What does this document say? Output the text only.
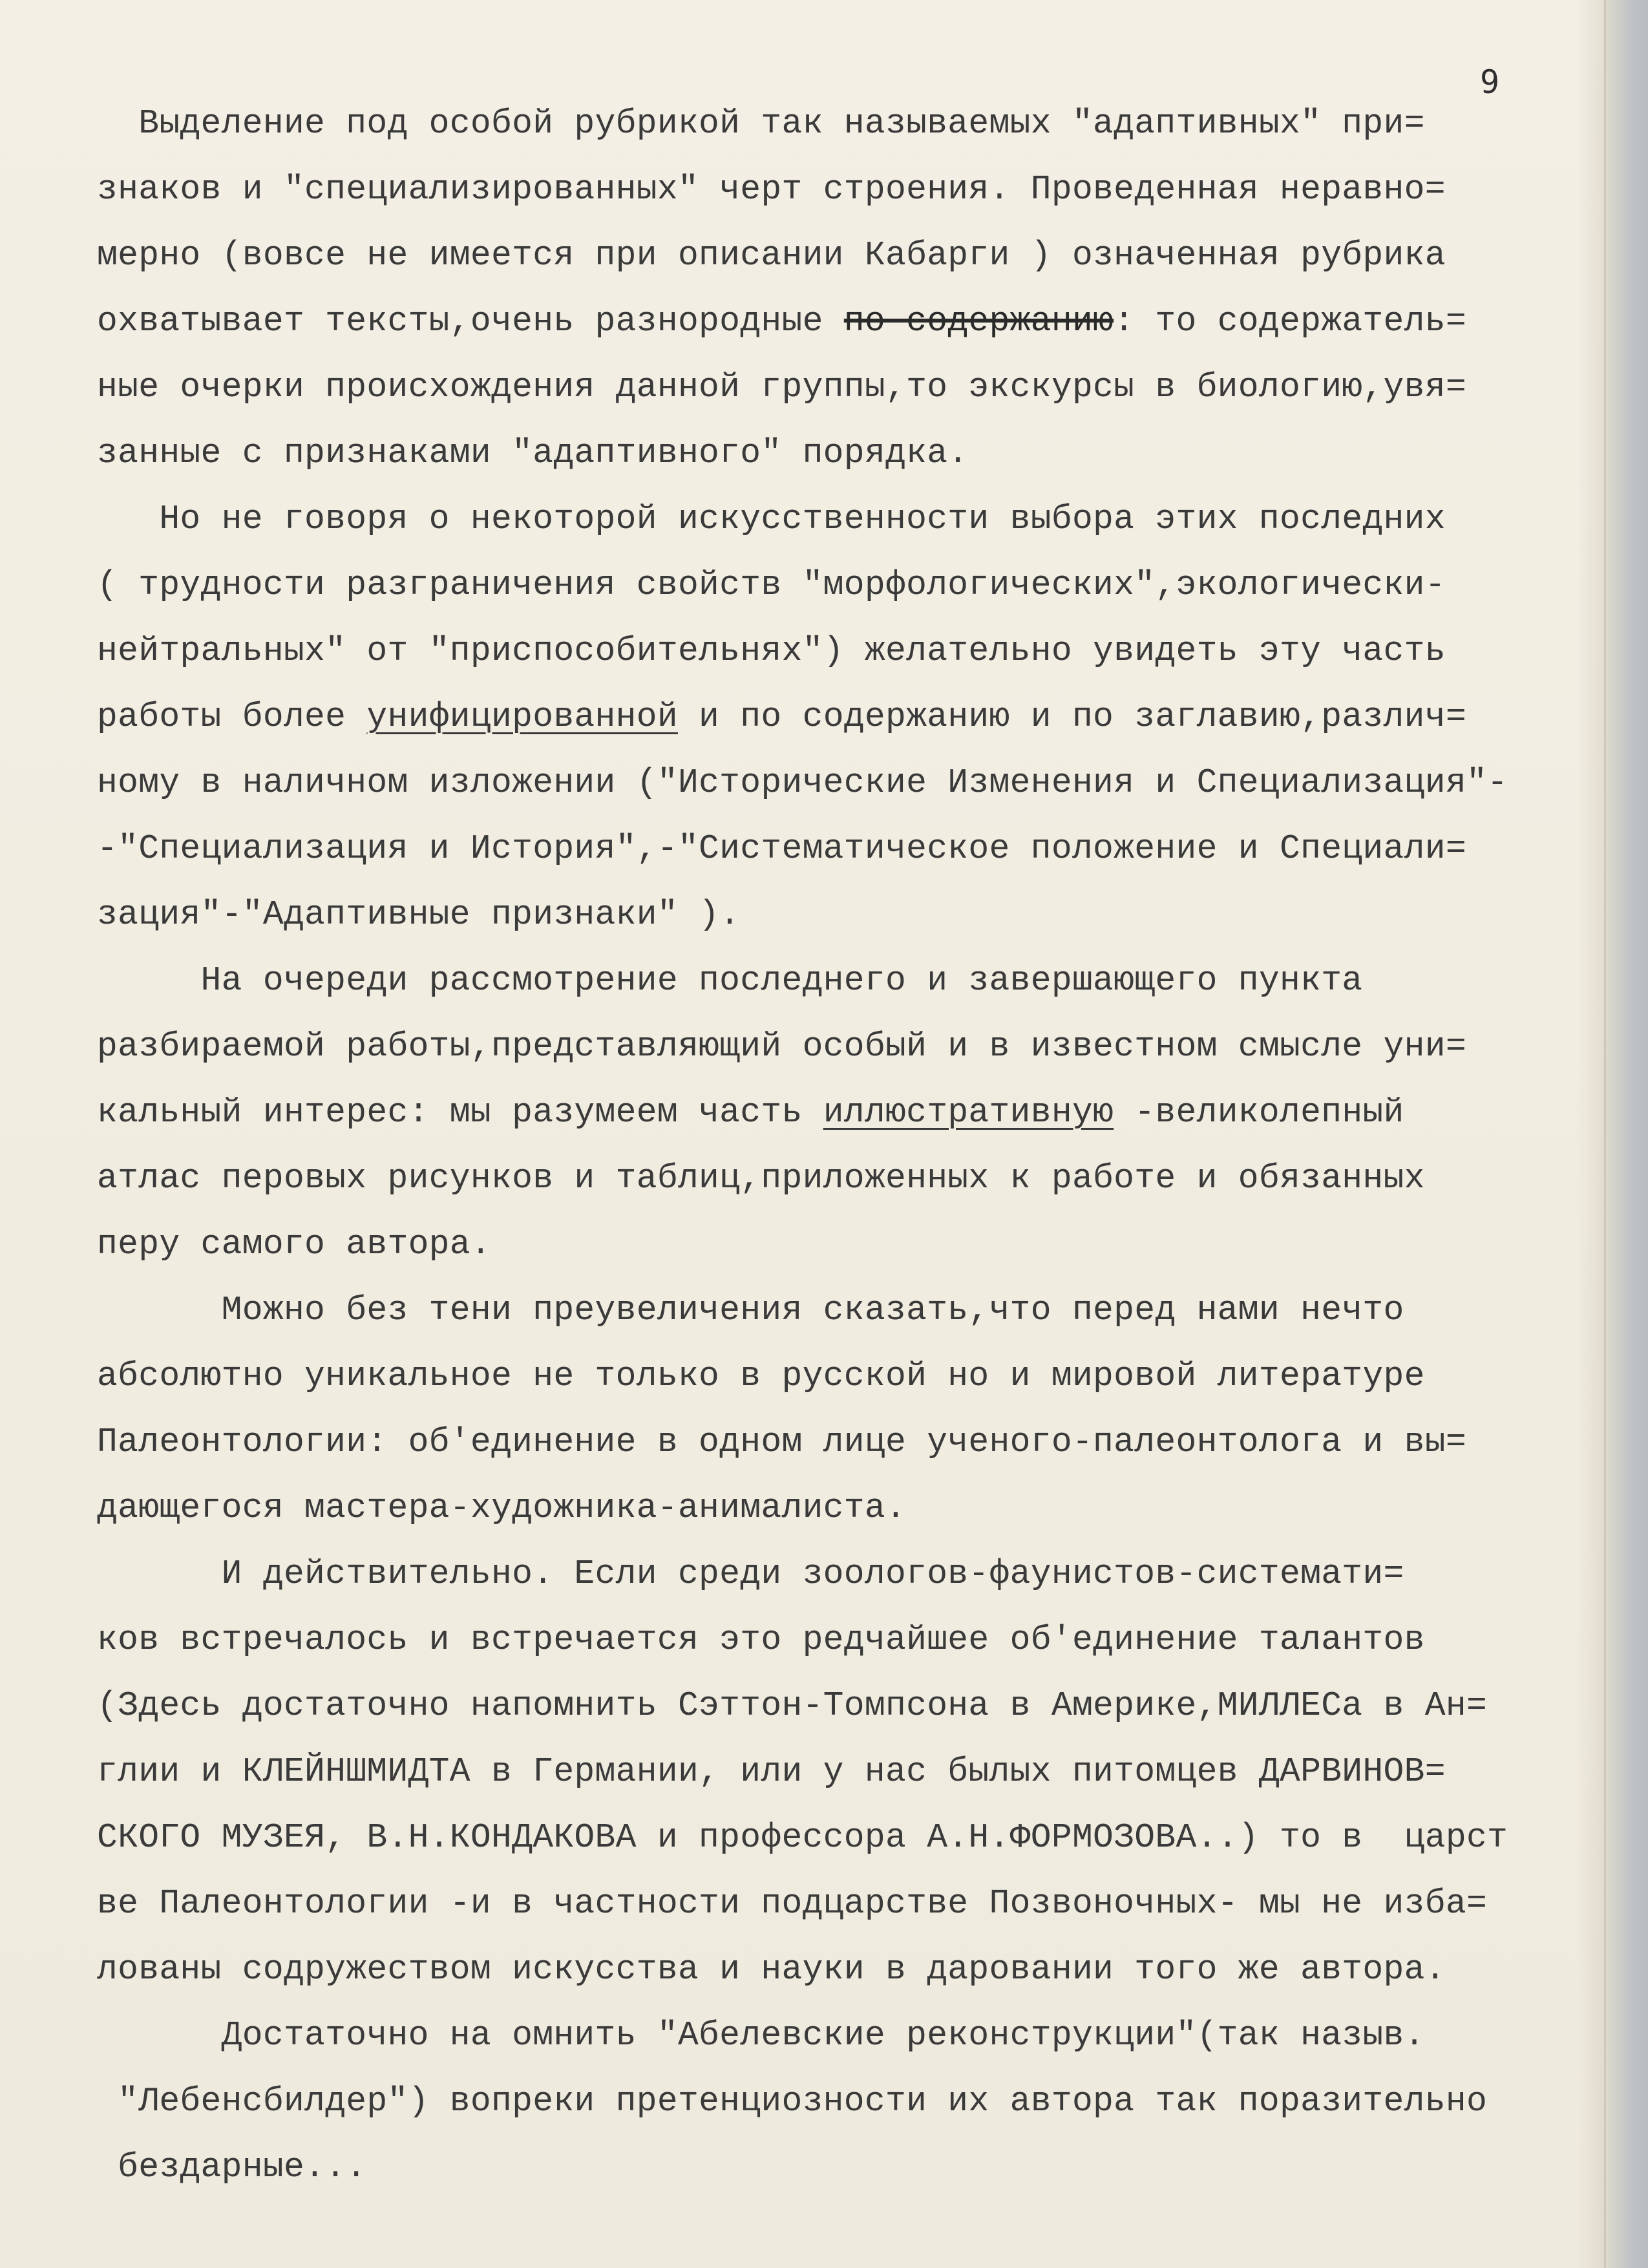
9

Выделение под особой рубрикой так называемых "адаптивных" при=
знаков и "специализированных" черт строения. Проведенная неравно=
мерно (вовсе не имеется при описании Кабарги ) означенная рубрика
охватывает тексты,очень разнородные по содержанию: то содержатель=
ные очерки происхождения данной группы,то экскурсы в биологию,увя=
занные с признаками "адаптивного" порядка.
Но не говоря о некоторой искусственности выбора этих последних
( трудности разграничения свойств "морфологических",экологически-
нейтральных" от "приспособительнях") желательно увидеть эту часть
работы более унифицированной и по содержанию и по заглавию,различ=
ному в наличном изложении ("Исторические Изменения и Специализация"-
-"Специализация и История",-"Систематическое положение и Специали=
зация"-"Адаптивные признаки" ).
На очереди рассмотрение последнего и завершающего пункта
разбираемой работы,представляющий особый и в известном смысле уни=
кальный интерес: мы разумеем часть иллюстративную -великолепный
атлас перовых рисунков и таблиц,приложенных к работе и обязанных
перу самого автора.
Можно без тени преувеличения сказать,что перед нами нечто
абсолютно уникальное не только в русской но и мировой литературе
Палеонтологии: об'единение в одном лице ученого-палеонтолога и вы=
дающегося мастера-художника-анималиста.
И действительно. Если среди зоологов-фаунистов-системати=
ков встречалось и встречается это редчайшее об'единение талантов
(Здесь достаточно напомнить Сэттон-Томпсона в Америке,МИЛЛЕСа в Ан=
глии и КЛЕЙНШМИДТА в Германии, или у нас былых питомцев ДАРВИНОВ=
СКОГО МУЗЕЯ, В.Н.КОНДАКОВА и профессора А.Н.ФОРМОЗОВА..) то в  царст
ве Палеонтологии -и в частности подцарстве Позвоночных- мы не изба=
лованы содружеством искусства и науки в даровании того же автора.
Достаточно на омнить "Абелевские реконструкции"(так назыв.
"Лебенсбилдер") вопреки претенциозности их автора так поразительно
бездарные...
